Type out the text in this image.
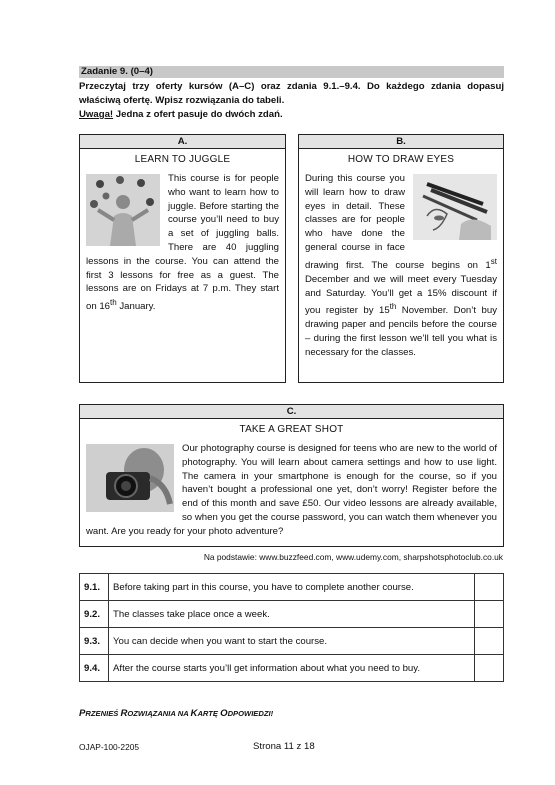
Zadanie 9. (0–4)
Przeczytaj trzy oferty kursów (A–C) oraz zdania 9.1.–9.4. Do każdego zdania dopasuj właściwą ofertę. Wpisz rozwiązania do tabeli.
Uwaga! Jedna z ofert pasuje do dwóch zdań.
A.
LEARN TO JUGGLE
This course is for people who want to learn how to juggle. Before starting the course you’ll need to buy a set of juggling balls. There are 40 juggling lessons in the course. You can attend the first 3 lessons for free as a guest. The lessons are on Fridays at 7 p.m. They start on 16th January.
B.
HOW TO DRAW EYES
During this course you will learn how to draw eyes in detail. These classes are for people who have done the general course in face drawing first. The course begins on 1st December and we will meet every Tuesday and Saturday. You’ll get a 15% discount if you register by 15th November. Don’t buy drawing paper and pencils before the course – during the first lesson we’ll tell you what is necessary for the classes.
C.
TAKE A GREAT SHOT
Our photography course is designed for teens who are new to the world of photography. You will learn about camera settings and how to use light. The camera in your smartphone is enough for the course, so if you haven’t bought a professional one yet, don’t worry! Register before the end of this month and save £50. Our video lessons are already available, so when you get the course password, you can watch them whenever you want. Are you ready for your photo adventure?
Na podstawie: www.buzzfeed.com, www.udemy.com, sharpshotsphotoclub.co.uk
9.1.	Before taking part in this course, you have to complete another course.	
9.2.	The classes take place once a week.	
9.3.	You can decide when you want to start the course.	
9.4.	After the course starts you’ll get information about what you need to buy.	
PRZENIEŚ ROZWIĄZANIA NA KARTĘ ODPOWIEDZI!
OJAP-100-2205	Strona 11 z 18
